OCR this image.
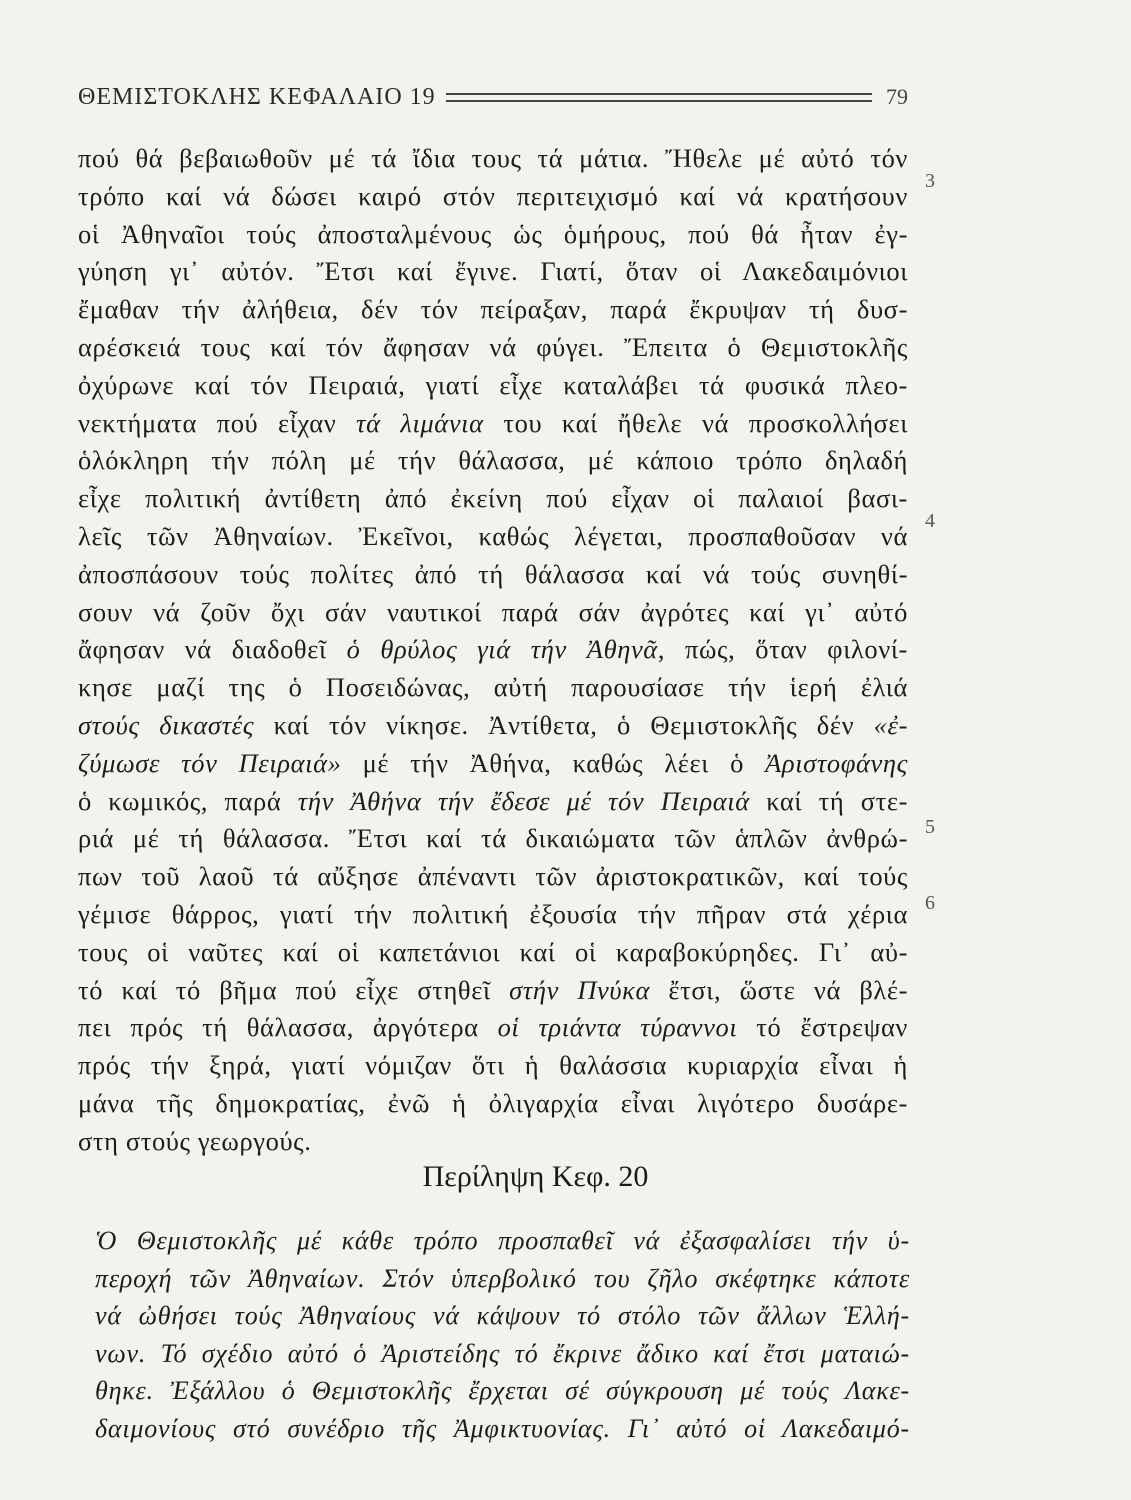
ΘΕΜΙΣΤΟΚΛΗΣ ΚΕΦΑΛΑΙΟ 19	79
πού θά βεβαιωθοῦν μέ τά ἴδια τους τά μάτια. Ἤθελε μέ αὐτό τόν
τρόπο καί νά δώσει καιρό στόν περιτειχισμό καί νά κρατήσουν
οἱ Ἀθηναῖοι τούς ἀποσταλμένους ὡς ὁμήρους, πού θά ἦταν ἐγ-
γύηση γι᾽ αὐτόν. Ἔτσι καί ἔγινε. Γιατί, ὅταν οἱ Λακεδαιμόνιοι
ἔμαθαν τήν ἀλήθεια, δέν τόν πείραξαν, παρά ἔκρυψαν τή δυσ-
αρέσκειά τους καί τόν ἄφησαν νά φύγει. Ἔπειτα ὁ Θεμιστοκλῆς
ὀχύρωνε καί τόν Πειραιά, γιατί εἶχε καταλάβει τά φυσικά πλεο-
νεκτήματα πού εἶχαν τά λιμάνια του καί ἤθελε νά προσκολλήσει
ὁλόκληρη τήν πόλη μέ τήν θάλασσα, μέ κάποιο τρόπο δηλαδή
εἶχε πολιτική ἀντίθετη ἀπό ἐκείνη πού εἶχαν οἱ παλαιοί βασι-
λεῖς τῶν Ἀθηναίων. Ἐκεῖνοι, καθώς λέγεται, προσπαθοῦσαν νά
ἀποσπάσουν τούς πολίτες ἀπό τή θάλασσα καί νά τούς συνηθί-
σουν νά ζοῦν ὄχι σάν ναυτικοί παρά σάν ἀγρότες καί γι᾽ αὐτό
ἄφησαν νά διαδοθεῖ ὁ θρύλος γιά τήν Ἀθηνᾶ, πώς, ὅταν φιλονί-
κησε μαζί της ὁ Ποσειδώνας, αὐτή παρουσίασε τήν ἱερή ἐλιά
στούς δικαστές καί τόν νίκησε. Ἀντίθετα, ὁ Θεμιστοκλῆς δέν «ἐ-
ζύμωσε τόν Πειραιά» μέ τήν Ἀθήνα, καθώς λέει ὁ Ἀριστοφάνης
ὁ κωμικός, παρά τήν Ἀθήνα τήν ἔδεσε μέ τόν Πειραιά καί τή στε-
ριά μέ τή θάλασσα. Ἔτσι καί τά δικαιώματα τῶν ἁπλῶν ἀνθρώ-
πων τοῦ λαοῦ τά αὔξησε ἀπέναντι τῶν ἀριστοκρατικῶν, καί τούς
γέμισε θάρρος, γιατί τήν πολιτική ἐξουσία τήν πῆραν στά χέρια
τους οἱ ναῦτες καί οἱ καπετάνιοι καί οἱ καραβοκύρηδες. Γι᾽ αὐ-
τό καί τό βῆμα πού εἶχε στηθεῖ στήν Πνύκα ἔτσι, ὥστε νά βλέ-
πει πρός τή θάλασσα, ἀργότερα οἱ τριάντα τύραννοι τό ἔστρεψαν
πρός τήν ξηρά, γιατί νόμιζαν ὅτι ἡ θαλάσσια κυριαρχία εἶναι ἡ
μάνα τῆς δημοκρατίας, ἐνῶ ἡ ὀλιγαρχία εἶναι λιγότερο δυσάρε-
στη στούς γεωργούς.
3
4
5
6
Περίληψη Κεφ. 20
Ὁ Θεμιστοκλῆς μέ κάθε τρόπο προσπαθεῖ νά ἐξασφαλίσει τήν ὑ-
περοχή τῶν Ἀθηναίων. Στόν ὑπερβολικό του ζῆλο σκέφτηκε κάποτε
νά ὠθήσει τούς Ἀθηναίους νά κάψουν τό στόλο τῶν ἄλλων Ἑλλή-
νων. Τό σχέδιο αὐτό ὁ Ἀριστείδης τό ἔκρινε ἄδικο καί ἔτσι ματαιώ-
θηκε. Ἐξάλλου ὁ Θεμιστοκλῆς ἔρχεται σέ σύγκρουση μέ τούς Λακε-
δαιμονίους στό συνέδριο τῆς Ἀμφικτυονίας. Γι᾽ αὐτό οἱ Λακεδαιμό-
